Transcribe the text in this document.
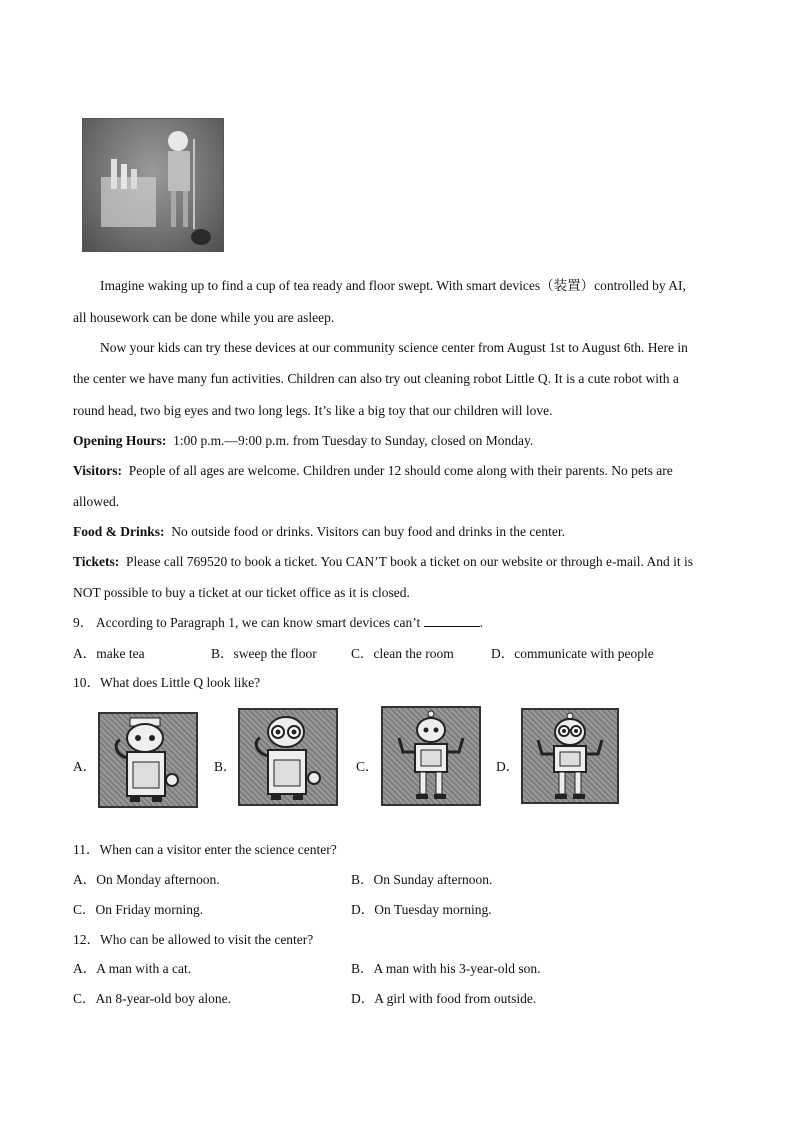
Imagine waking up to find a cup of tea ready and floor swept. With smart devices（装置）controlled by AI,
all housework can be done while you are asleep.
Now your kids can try these devices at our community science center from August 1st to August 6th. Here in
the center we have many fun activities. Children can also try out cleaning robot Little Q. It is a cute robot with a
round head, two big eyes and two long legs. It’s like a big toy that our children will love.
Opening Hours: 1:00 p.m.—9:00 p.m. from Tuesday to Sunday, closed on Monday.
Visitors: People of all ages are welcome. Children under 12 should come along with their parents. No pets are
allowed.
Food & Drinks: No outside food or drinks. Visitors can buy food and drinks in the center.
Tickets: Please call 769520 to book a ticket. You CAN’T book a ticket on our website or through e-mail. And it is
NOT possible to buy a ticket at our ticket office as it is closed.
9． According to Paragraph 1, we can know smart devices can’t	.
A．make tea	B．sweep the floor	C．clean the room	D．communicate with people
10．What does Little Q look like?
A．	B．	C．	D．
11．When can a visitor enter the science center?
A．On Monday afternoon.	B．On Sunday afternoon.
C．On Friday morning.	D．On Tuesday morning.
12．Who can be allowed to visit the center?
A．A man with a cat.	B．A man with his 3-year-old son.
C．An 8-year-old boy alone.	D．A girl with food from outside.
